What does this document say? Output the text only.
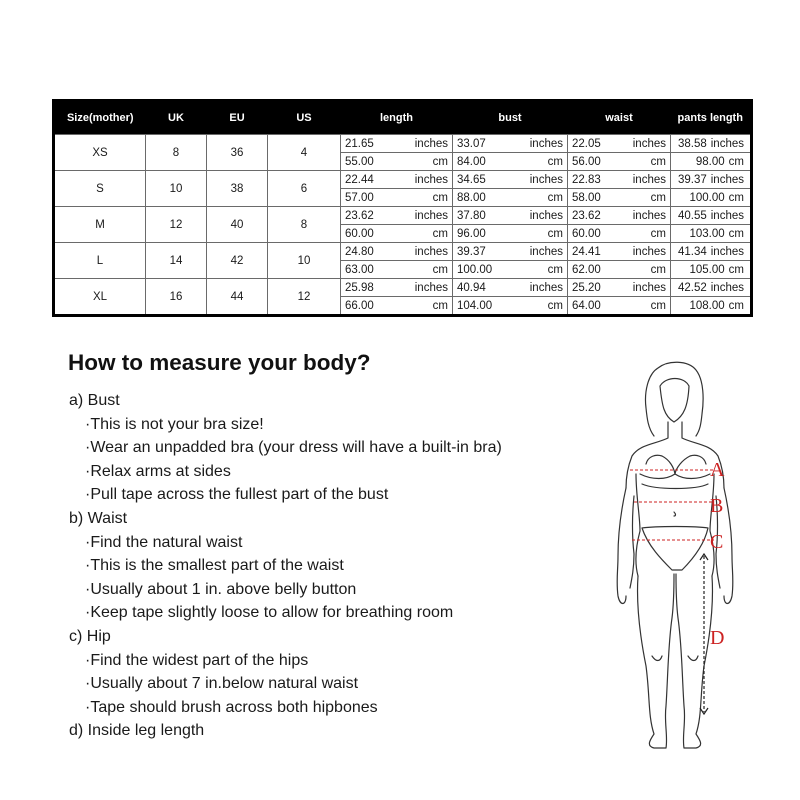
Size(mother)	UK	EU	US	length	bust	waist	pants length
XS	8	36	4	21.65 inches	33.07 inches	22.05 inches	38.58 inches

				55.00 cm	84.00 cm	56.00 cm	98.00 cm
S	10	38	6	22.44 inches	34.65 inches	22.83 inches	39.37 inches

				57.00 cm	88.00 cm	58.00 cm	100.00 cm
M	12	40	8	23.62 inches	37.80 inches	23.62 inches	40.55 inches

				60.00 cm	96.00 cm	60.00 cm	103.00 cm
L	14	42	10	24.80 inches	39.37 inches	24.41 inches	41.34 inches

				63.00 cm	100.00 cm	62.00 cm	105.00 cm
XL	16	44	12	25.98 inches	40.94 inches	25.20 inches	42.52 inches

				66.00 cm	104.00 cm	64.00 cm	108.00 cm
How to measure your body?
a) Bust
·This is not your bra size!
·Wear an unpadded bra (your dress will have a built-in bra)
·Relax arms at sides
·Pull tape across the fullest part of the bust
b) Waist
·Find the natural waist
·This is the smallest part of the waist
·Usually about 1 in. above belly button
·Keep tape slightly loose to allow for breathing room
c) Hip
·Find the widest part of the hips
·Usually about 7 in.below natural waist
·Tape should brush across both hipbones
d) Inside leg length
A
B
C
D
